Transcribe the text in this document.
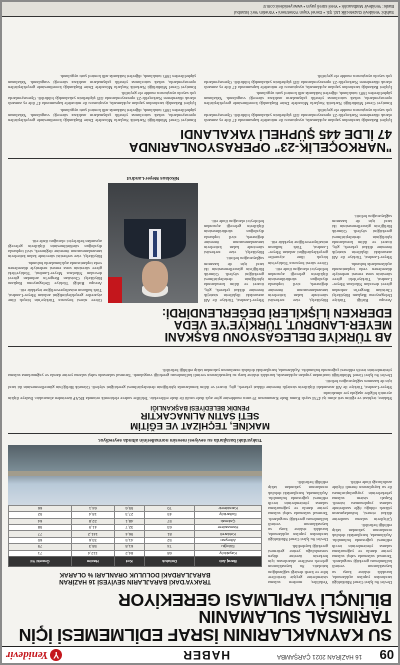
09
16 HAZİRAN 2021 ÇARŞAMBA
HABER
Y
Yenidevir
SU KAYNAKLARININ İSRAF EDİLMEMESİ İÇİN
TARIMSAL SULAMANIN
BİLİNÇLİ YAPILMASI GEREKİYOR

Devlet Su İşleri Genel Müdürlüğü tarafından yapılan açıklamada, kuraklık riskine karşı su kaynaklarının verimli kullanılması gerektiği vurgulandı. Tarımsal sulamada vahşi sulama yerine damla ve yağmurlama sulama yöntemlerinin tercih edilmesi çağrısında bulunuldu. Açıklamada, barajlardaki doluluk oranlarının yakından takip edildiği belirtildi.

Çiftçilerin sulama saatlerine dikkat etmesi, buharlaşmanın yüksek olduğu öğle saatlerinde sulama yapılmaması istendi. Kapalı sistem sulama şebekelerinin yaygınlaştırılması ile su kayıplarının önemli ölçüde azaltılacağı ifade edildi.

Yetkililer, modern sulama sistemlerine geçişte üreticilere hibe ve kredi desteği sağlandığını hatırlattı. Su kaynaklarının gelecek nesillere aktarılması için herkesin üzerine düşen sorumluluğu yerine getirmesi gerektiği kaydedildi.

Devlet Su İşleri Genel Müdürlüğü tarafından yapılan açıklamada, kuraklık riskine karşı su kaynaklarının verimli kullanılması gerektiği vurgulandı. Tarımsal sulamada vahşi sulama yerine damla ve yağmurlama sulama yöntemlerinin tercih edilmesi çağrısında bulunuldu. Açıklamada, barajlardaki doluluk oranlarının yakından takip edildiği belirtildi.

TRAKYA'DAKİ BARAJLARIN SEVİYESİ 16 HAZİRAN
BARAJLARDAKİ DOLULUK ORANLARI % OLARAK
Baraj Adı	Doluluk	Kot	Hacim	Önceki Yıl
Kayalıköy	68	84,2	112,4	71
Süloğlu	74	61,8	58,3	79
Altınyazı	52	41,5	33,6	60
Kırklareli	81	96,4	141,2	77
Hamzadere	63	32,7	41,9	58
Çakmak	57	48,1	22,8	64
Sultanköy	45	27,3	18,4	52
Karaidemir	70	55,6	64,1	66

Trakya'daki barajlarda su seviyesi mevsim normallerinin altında seyrediyor.
MAKİNE, TEÇHİZAT VE EĞİTİM
SETİ SATIN ALINACAKTIR
PENDİK BELEDİYESİ BAŞKANLIĞI

Makine, teçhizat ve eğitim seti alımı işi 4734 sayılı Kamu İhale Kanununun 19 uncu maddesine göre açık ihale usulü ile ihale edilecektir. Teklifler sadece elektronik ortamda EKAP üzerinden alınacaktır. İhaleye ilişkin ayrıntılı bilgiler aşağıda yer almaktadır.

Meyer-Landrut, Türkiye ile AB arasındaki ilişkilerin stratejik önemine dikkat çekerek, göç, ticaret ve iklim konularında işbirliğinin derinleştirilmesi gerektiğini söyledi. Gümrük Birliği'nin güncellenmesinin iki taraf için de kazanım sağlayacağını belirtti.

Devlet Su İşleri Genel Müdürlüğü tarafından yapılan açıklamada, kuraklık riskine karşı su kaynaklarının verimli kullanılması gerektiği vurgulandı. Tarımsal sulamada vahşi sulama yerine damla ve yağmurlama sulama yöntemlerinin tercih edilmesi çağrısında bulunuldu. Açıklamada, barajlardaki doluluk oranlarının yakından takip edildiği belirtildi.

AB TÜRKİYE DELEGASYONU BAŞKANI
MEYER-LANDRUT, TÜRKİYE'YE VEDA
EDERKEN İLİŞKİLERİ DEĞERLENDİRDİ:

Avrupa Birliği Türkiye Delegasyonu Başkanı Büyükelçi Christian Berger'in ardından görevi devralan Nikolaus Meyer-Landrut, Türkiye'deki görev süresinin sona ermesi nedeniyle düzenlenen veda toplantısında açıklamalarda bulundu.

Meyer-Landrut, Türkiye ile AB arasındaki ilişkilerin stratejik önemine dikkat çekerek, göç, ticaret ve iklim konularında işbirliğinin derinleştirilmesi gerektiğini söyledi. Gümrük Birliği'nin güncellenmesinin iki taraf için de kazanım sağlayacağını belirtti.

Büyükelçi, vize serbestisi sürecinde kalan kriterlerin tamamlanmasının önemine değinerek, sivil toplumla diyaloğun sürdürülmesinin ilişkilerin geleceği açısından belirleyici olacağını ifade etti.

Görev süresi boyunca Türkiye'nin birçok iline ziyaretler gerçekleştirdiğini anlatan Meyer-Landrut, Türk halkının misafirperverliğine teşekkür etti.

Meyer-Landrut, Türkiye ile AB arasındaki ilişkilerin stratejik önemine dikkat çekerek, göç, ticaret ve iklim konularında işbirliğinin derinleştirilmesi gerektiğini söyledi. Gümrük Birliği'nin güncellenmesinin iki taraf için de kazanım sağlayacağını belirtti.

Büyükelçi, vize serbestisi sürecinde kalan kriterlerin tamamlanmasının önemine değinerek, sivil toplumla diyaloğun sürdürülmesinin ilişkilerin geleceği açısından belirleyici olacağını ifade etti.

Nikolaus Meyer-Landrut

Görev süresi boyunca Türkiye'nin birçok iline ziyaretler gerçekleştirdiğini anlatan Meyer-Landrut, Türk halkının misafirperverliğine teşekkür etti.

Avrupa Birliği Türkiye Delegasyonu Başkanı Büyükelçi Christian Berger'in ardından görevi devralan Nikolaus Meyer-Landrut, Türkiye'deki görev süresinin sona ermesi nedeniyle düzenlenen veda toplantısında açıklamalarda bulundu.

Büyükelçi, vize serbestisi sürecinde kalan kriterlerin tamamlanmasının önemine değinerek, sivil toplumla diyaloğun sürdürülmesinin ilişkilerin geleceği açısından belirleyici olacağını ifade etti.

"NARKOÇELİK-23" OPERASYONLARINDA
47 İLDE 445 ŞÜPHELİ YAKALANDI

İçişleri Bakanlığı tarafından yapılan açıklamada, uyuşturucu ile mücadele kapsamında 47 ilde eş zamanlı olarak düzenlenen Narkoçelik-23 operasyonlarında 445 şüphelinin yakalandığı bildirildi. Operasyonlarda çok sayıda uyuşturucu madde ele geçirildi.

Emniyet Genel Müdürlüğü Narkotik Suçlarla Mücadele Daire Başkanlığı koordinesinde gerçekleştirilen operasyonlarda, sokak satıcılarına yönelik çalışmaların aralıksız süreceği vurgulandı. Yakalanan şüphelilerden 168'i tutuklandı, diğerleri hakkında adli kontrol şartı uygulandı.

İçişleri Bakanlığı tarafından yapılan açıklamada, uyuşturucu ile mücadele kapsamında 47 ilde eş zamanlı olarak düzenlenen Narkoçelik-23 operasyonlarında 445 şüphelinin yakalandığı bildirildi. Operasyonlarda çok sayıda uyuşturucu madde ele geçirildi.

Emniyet Genel Müdürlüğü Narkotik Suçlarla Mücadele Daire Başkanlığı koordinesinde gerçekleştirilen operasyonlarda, sokak satıcılarına yönelik çalışmaların aralıksız süreceği vurgulandı. Yakalanan şüphelilerden 168'i tutuklandı, diğerleri hakkında adli kontrol şartı uygulandı.

İçişleri Bakanlığı tarafından yapılan açıklamada, uyuşturucu ile mücadele kapsamında 47 ilde eş zamanlı olarak düzenlenen Narkoçelik-23 operasyonlarında 445 şüphelinin yakalandığı bildirildi. Operasyonlarda çok sayıda uyuşturucu madde ele geçirildi.

Emniyet Genel Müdürlüğü Narkotik Suçlarla Mücadele Daire Başkanlığı koordinesinde gerçekleştirilen operasyonlarda, sokak satıcılarına yönelik çalışmaların aralıksız süreceği vurgulandı. Yakalanan şüphelilerden 168'i tutuklandı, diğerleri hakkında adli kontrol şartı uygulandı.

Sahibi: Yenidevir Gazetecilik Ltd. Şti. • Genel Yayın Yönetmeni • Yönetim Yeri: İstanbul
Baskı: Yenidevir Matbaacılık • Yerel süreli yayın • www.yenidevir.com.tr
